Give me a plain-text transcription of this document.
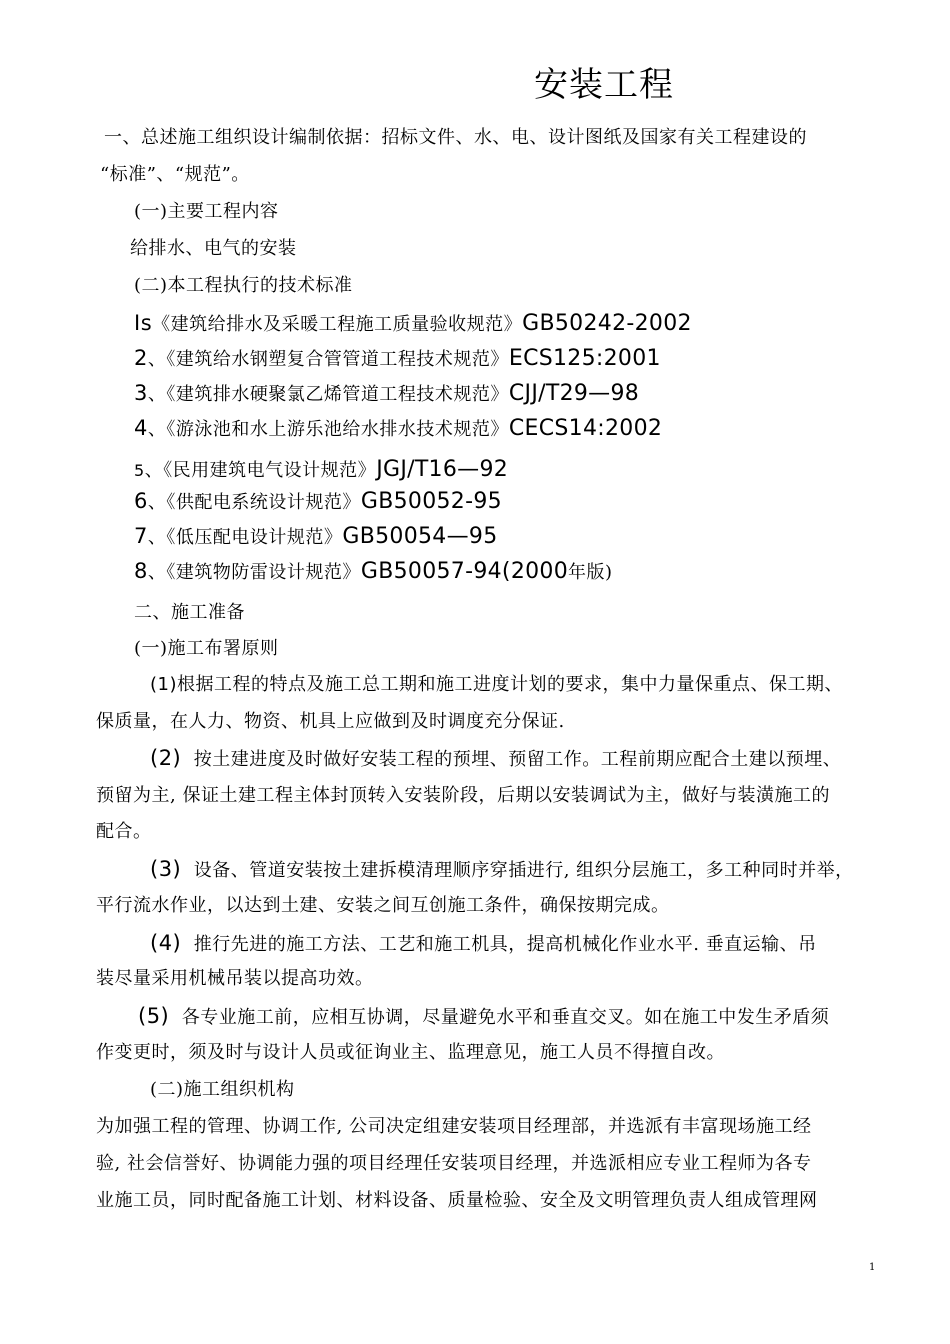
安装工程
一、总述施工组织设计编制依据：招标文件、水、电、设计图纸及国家有关工程建设的
“标准”、“规范”。
(一)主要工程内容
给排水、电气的安装
(二)本工程执行的技术标准
Is《建筑给排水及采暖工程施工质量验收规范》GB50242-2002
2、《建筑给水钢塑复合管管道工程技术规范》ECS125:2001
3、《建筑排水硬聚氯乙烯管道工程技术规范》CJJ/T29—98
4、《游泳池和水上游乐池给水排水技术规范》CECS14:2002
5、《民用建筑电气设计规范》JGJ/T16—92
6、《供配电系统设计规范》GB50052-95
7、《低压配电设计规范》GB50054—95
8、《建筑物防雷设计规范》GB50057-94(2000年版)
二、施工准备
(一)施工布署原则
(1)根据工程的特点及施工总工期和施工进度计划的要求，集中力量保重点、保工期、
保质量，在人力、物资、机具上应做到及时调度充分保证.
(2) 按土建进度及时做好安装工程的预埋、预留工作。工程前期应配合土建以预埋、
预留为主, 保证土建工程主体封顶转入安装阶段，后期以安装调试为主，做好与装潢施工的
配合。
(3) 设备、管道安装按土建拆模清理顺序穿插进行, 组织分层施工，多工种同时并举，
平行流水作业，以达到土建、安装之间互创施工条件，确保按期完成。
(4) 推行先进的施工方法、工艺和施工机具，提高机械化作业水平. 垂直运输、吊
装尽量采用机械吊装以提高功效。
(5) 各专业施工前，应相互协调，尽量避免水平和垂直交叉。如在施工中发生矛盾须
作变更时，须及时与设计人员或征询业主、监理意见，施工人员不得擅自改。
(二)施工组织机构
为加强工程的管理、协调工作, 公司决定组建安装项目经理部，并选派有丰富现场施工经
验, 社会信誉好、协调能力强的项目经理任安装项目经理，并选派相应专业工程师为各专
业施工员，同时配备施工计划、材料设备、质量检验、安全及文明管理负责人组成管理网
1
